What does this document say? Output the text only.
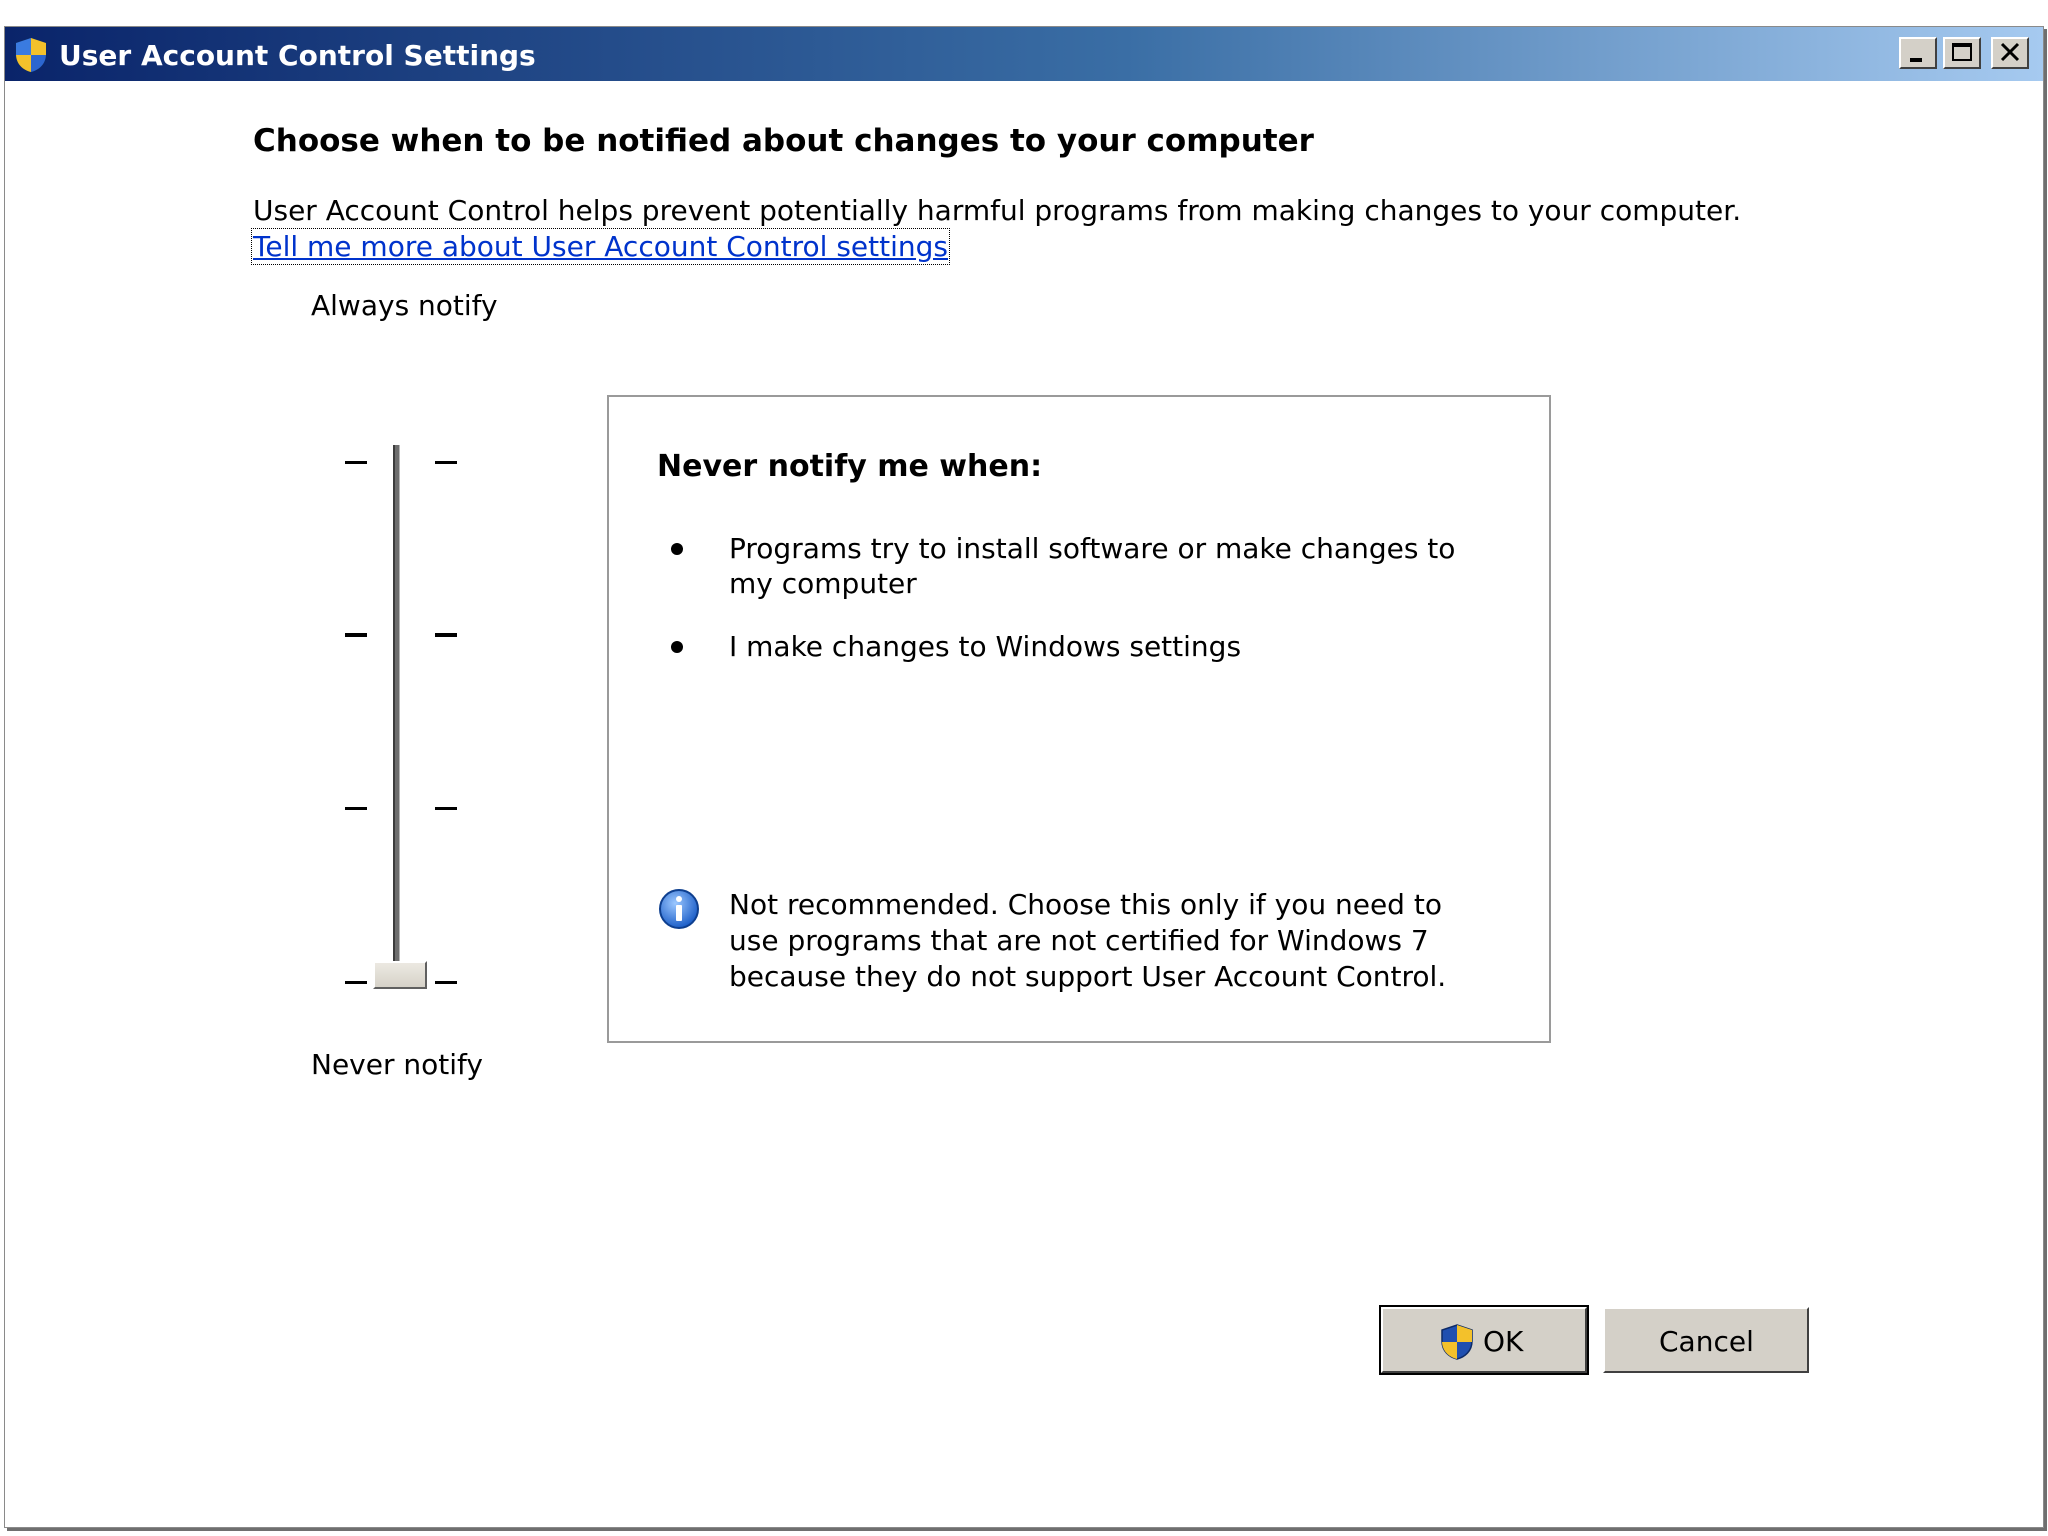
User Account Control Settings
Choose when to be notified about changes to your computer
User Account Control helps prevent potentially harmful programs from making changes to your computer.
Tell me more about User Account Control settings
Always notify
Never notify
Never notify me when:
Programs try to install software or make changes to my computer
I make changes to Windows settings
Not recommended. Choose this only if you need to use programs that are not certified for Windows 7 because they do not support User Account Control.
OK	Cancel
